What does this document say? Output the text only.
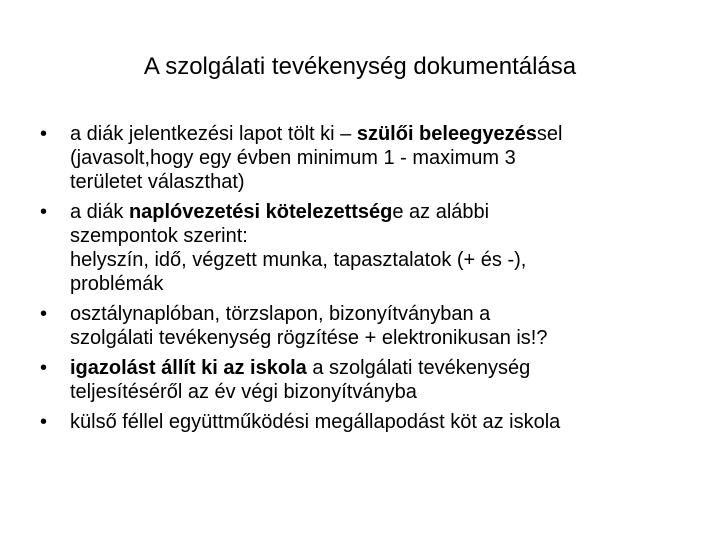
A szolgálati tevékenység dokumentálása
• a diák jelentkezési lapot tölt ki – szülői beleegyezéssel
(javasolt,hogy egy évben minimum 1 - maximum 3
területet választhat)
• a diák naplóvezetési kötelezettsége az alábbi
szempontok szerint:
helyszín, idő, végzett munka, tapasztalatok (+ és -),
problémák
• osztálynaplóban, törzslapon, bizonyítványban a
szolgálati tevékenység rögzítése + elektronikusan is!?
• igazolást állít ki az iskola a szolgálati tevékenység
teljesítéséről az év végi bizonyítványba
• külső féllel együttműködési megállapodást köt az iskola
